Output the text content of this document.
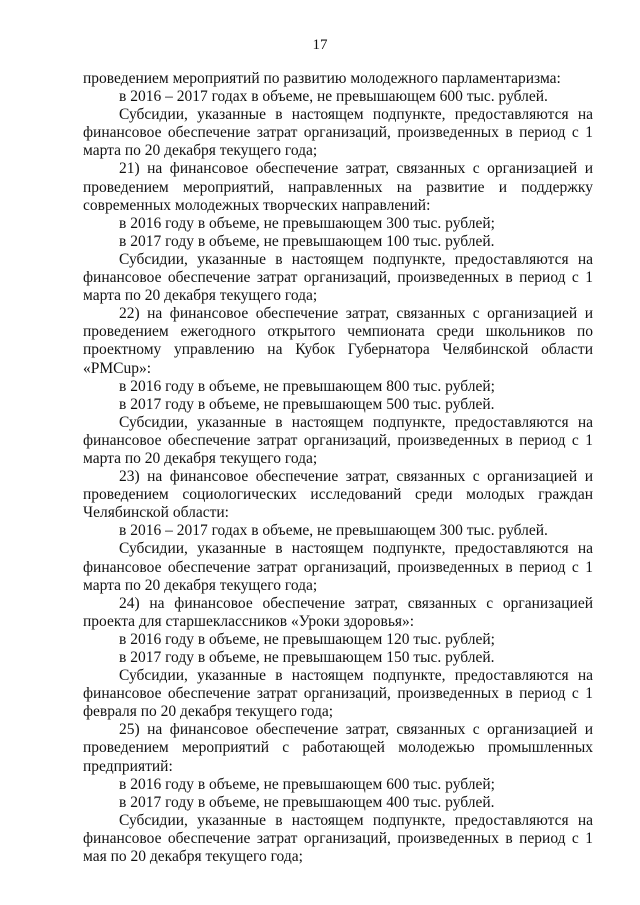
17

проведением мероприятий по развитию молодежного парламентаризма:

в 2016 – 2017 годах в объеме, не превышающем 600 тыс. рублей.

Субсидии, указанные в настоящем подпункте, предоставляются на финансовое обеспечение затрат организаций, произведенных в период с 1 марта по 20 декабря текущего года;

21) на финансовое обеспечение затрат, связанных с организацией и проведением мероприятий, направленных на развитие и поддержку современных молодежных творческих направлений:

в 2016 году в объеме, не превышающем 300 тыс. рублей;

в 2017 году в объеме, не превышающем 100 тыс. рублей.

Субсидии, указанные в настоящем подпункте, предоставляются на финансовое обеспечение затрат организаций, произведенных в период с 1 марта по 20 декабря текущего года;

22) на финансовое обеспечение затрат, связанных с организацией и проведением ежегодного открытого чемпионата среди школьников по проектному управлению на Кубок Губернатора Челябинской области «PMCup»:

в 2016 году в объеме, не превышающем 800 тыс. рублей;

в 2017 году в объеме, не превышающем 500 тыс. рублей.

Субсидии, указанные в настоящем подпункте, предоставляются на финансовое обеспечение затрат организаций, произведенных в период с 1 марта по 20 декабря текущего года;

23) на финансовое обеспечение затрат, связанных с организацией и проведением социологических исследований среди молодых граждан Челябинской области:

в 2016 – 2017 годах в объеме, не превышающем 300 тыс. рублей.

Субсидии, указанные в настоящем подпункте, предоставляются на финансовое обеспечение затрат организаций, произведенных в период с 1 марта по 20 декабря текущего года;

24) на финансовое обеспечение затрат, связанных с организацией проекта для старшеклассников «Уроки здоровья»:

в 2016 году в объеме, не превышающем 120 тыс. рублей;

в 2017 году в объеме, не превышающем 150 тыс. рублей.

Субсидии, указанные в настоящем подпункте, предоставляются на финансовое обеспечение затрат организаций, произведенных в период с 1 февраля по 20 декабря текущего года;

25) на финансовое обеспечение затрат, связанных с организацией и проведением мероприятий с работающей молодежью промышленных предприятий:

в 2016 году в объеме, не превышающем 600 тыс. рублей;

в 2017 году в объеме, не превышающем 400 тыс. рублей.

Субсидии, указанные в настоящем подпункте, предоставляются на финансовое обеспечение затрат организаций, произведенных в период с 1 мая по 20 декабря текущего года;
